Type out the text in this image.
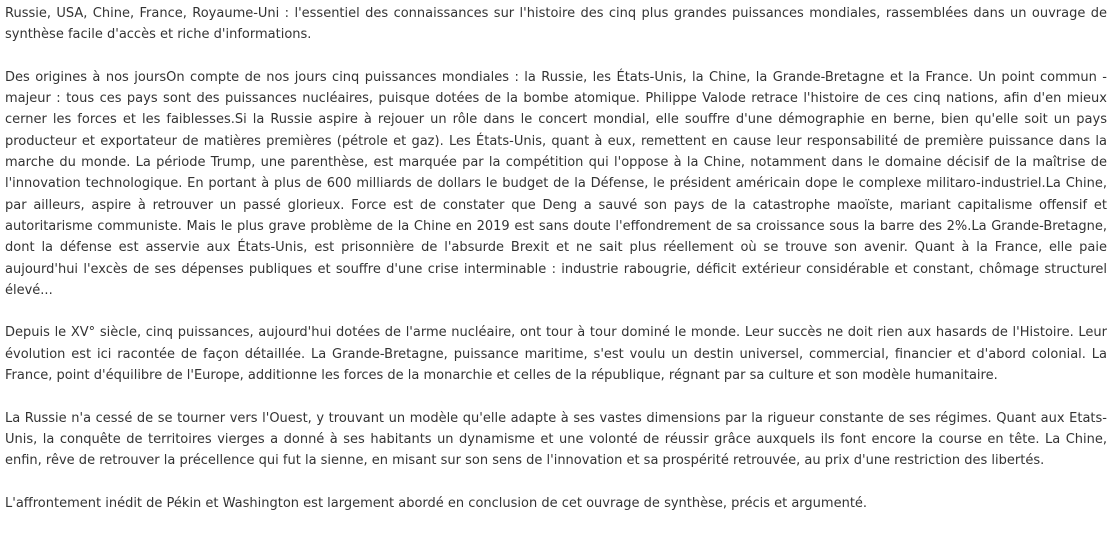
Russie, USA, Chine, France, Royaume-Uni : l'essentiel des connaissances sur l'histoire des cinq plus grandes puissances mondiales, rassemblées dans un ouvrage de synthèse facile d'accès et riche d'informations.

Des origines à nos joursOn compte de nos jours cinq puissances mondiales : la Russie, les États-Unis, la Chine, la Grande-Bretagne et la France. Un point commun - majeur : tous ces pays sont des puissances nucléaires, puisque dotées de la bombe atomique. Philippe Valode retrace l'histoire de ces cinq nations, afin d'en mieux cerner les forces et les faiblesses.Si la Russie aspire à rejouer un rôle dans le concert mondial, elle souffre d'une démographie en berne, bien qu'elle soit un pays producteur et exportateur de matières premières (pétrole et gaz). Les États-Unis, quant à eux, remettent en cause leur responsabilité de première puissance dans la marche du monde. La période Trump, une parenthèse, est marquée par la compétition qui l'oppose à la Chine, notamment dans le domaine décisif de la maîtrise de l'innovation technologique. En portant à plus de 600 milliards de dollars le budget de la Défense, le président américain dope le complexe militaro-industriel.La Chine, par ailleurs, aspire à retrouver un passé glorieux. Force est de constater que Deng a sauvé son pays de la catastrophe maoïste, mariant capitalisme offensif et autoritarisme communiste. Mais le plus grave problème de la Chine en 2019 est sans doute l'effondrement de sa croissance sous la barre des 2%.La Grande-Bretagne, dont la défense est asservie aux États-Unis, est prisonnière de l'absurde Brexit et ne sait plus réellement où se trouve son avenir. Quant à la France, elle paie aujourd'hui l'excès de ses dépenses publiques et souffre d'une crise interminable : industrie rabougrie, déficit extérieur considérable et constant, chômage structurel élevé...

Depuis le XV° siècle, cinq puissances, aujourd'hui dotées de l'arme nucléaire, ont tour à tour dominé le monde. Leur succès ne doit rien aux hasards de l'Histoire. Leur évolution est ici racontée de façon détaillée. La Grande-Bretagne, puissance maritime, s'est voulu un destin universel, commercial, financier et d'abord colonial. La France, point d'équilibre de l'Europe, additionne les forces de la monarchie et celles de la république, régnant par sa culture et son modèle humanitaire.

La Russie n'a cessé de se tourner vers l'Ouest, y trouvant un modèle qu'elle adapte à ses vastes dimensions par la rigueur constante de ses régimes. Quant aux Etats-Unis, la conquête de territoires vierges a donné à ses habitants un dynamisme et une volonté de réussir grâce auxquels ils font encore la course en tête. La Chine, enfin, rêve de retrouver la précellence qui fut la sienne, en misant sur son sens de l'innovation et sa prospérité retrouvée, au prix d'une restriction des libertés.

L'affrontement inédit de Pékin et Washington est largement abordé en conclusion de cet ouvrage de synthèse, précis et argumenté.
